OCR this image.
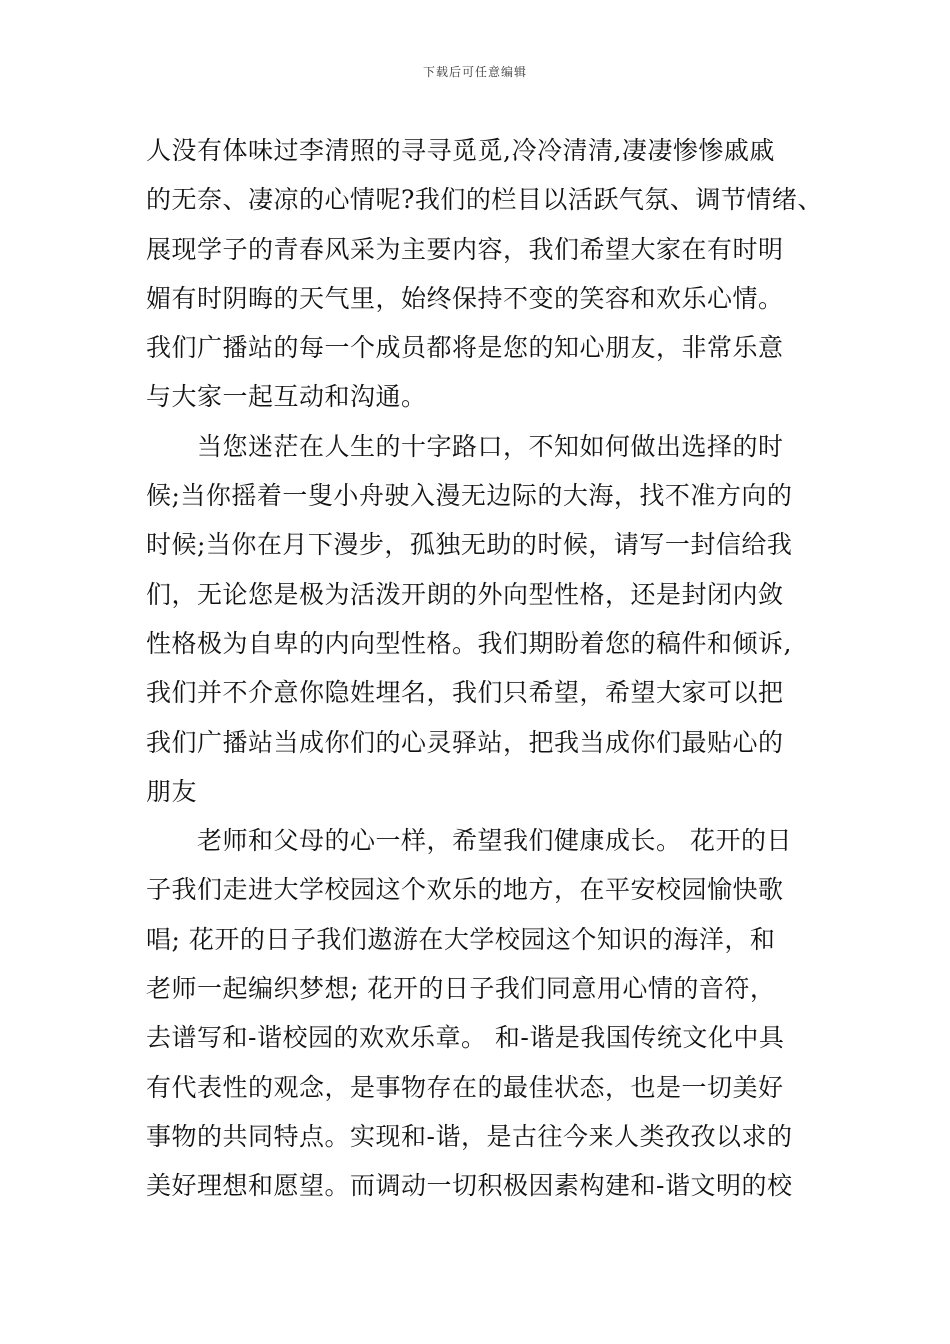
下载后可任意编辑
人没有体味过李清照的寻寻觅觅,冷冷清清,凄凄惨惨戚戚
的无奈、凄凉的心情呢?我们的栏目以活跃气氛、调节情绪、
展现学子的青春风采为主要内容，我们希望大家在有时明
媚有时阴晦的天气里，始终保持不变的笑容和欢乐心情。
我们广播站的每一个成员都将是您的知心朋友，非常乐意
与大家一起互动和沟通。
　　当您迷茫在人生的十字路口，不知如何做出选择的时
候;当你摇着一叟小舟驶入漫无边际的大海，找不准方向的
时候;当你在月下漫步，孤独无助的时候，请写一封信给我
们，无论您是极为活泼开朗的外向型性格，还是封闭内敛
性格极为自卑的内向型性格。我们期盼着您的稿件和倾诉,
我们并不介意你隐姓埋名，我们只希望，希望大家可以把
我们广播站当成你们的心灵驿站，把我当成你们最贴心的
朋友
　　老师和父母的心一样，希望我们健康成长。 花开的日
子我们走进大学校园这个欢乐的地方，在平安校园愉快歌
唱; 花开的日子我们遨游在大学校园这个知识的海洋，和
老师一起编织梦想; 花开的日子我们同意用心情的音符，
去谱写和-谐校园的欢欢乐章。 和-谐是我国传统文化中具
有代表性的观念，是事物存在的最佳状态，也是一切美好
事物的共同特点。实现和-谐，是古往今来人类孜孜以求的
美好理想和愿望。而调动一切积极因素构建和-谐文明的校
